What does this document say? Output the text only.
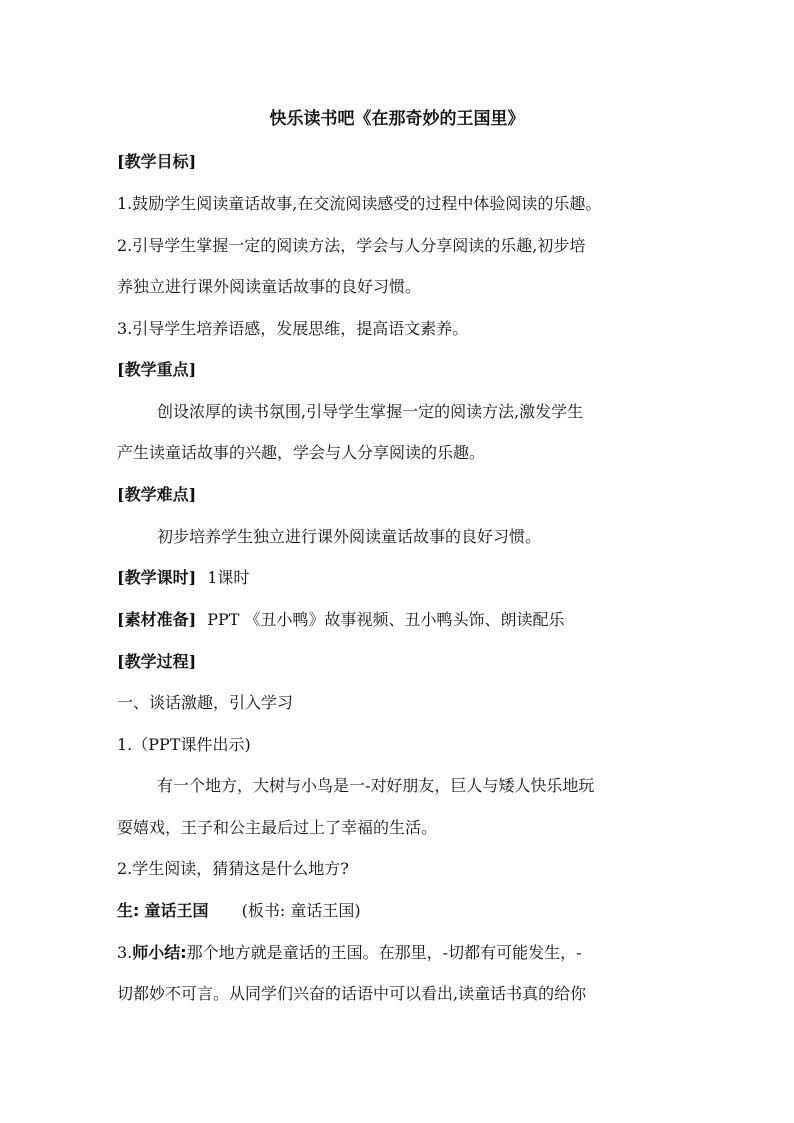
快乐读书吧《在那奇妙的王国里》
[教学目标]
1.鼓励学生阅读童话故事,在交流阅读感受的过程中体验阅读的乐趣。
2.引导学生掌握一定的阅读方法，学会与人分享阅读的乐趣,初步培
养独立进行课外阅读童话故事的良好习惯。
3.引导学生培养语感，发展思维，提高语文素养。
[教学重点]
创设浓厚的读书氛围,引导学生掌握一定的阅读方法,激发学生
产生读童话故事的兴趣，学会与人分享阅读的乐趣。
[教学难点]
初步培养学生独立进行课外阅读童话故事的良好习惯。
[教学课时] 1课时
[素材准备] PPT 《丑小鸭》故事视频、丑小鸭头饰、朗读配乐
[教学过程]
一、谈话激趣，引入学习
1.（PPT课件出示)
有一个地方，大树与小鸟是一-对好朋友，巨人与矮人快乐地玩
耍嬉戏，王子和公主最后过上了幸福的生活。
2.学生阅读，猜猜这是什么地方?
生: 童话王国 (板书: 童话王国)
3.师小结:那个地方就是童话的王国。在那里，-切都有可能发生，-
切都妙不可言。从同学们兴奋的话语中可以看出,读童话书真的给你
